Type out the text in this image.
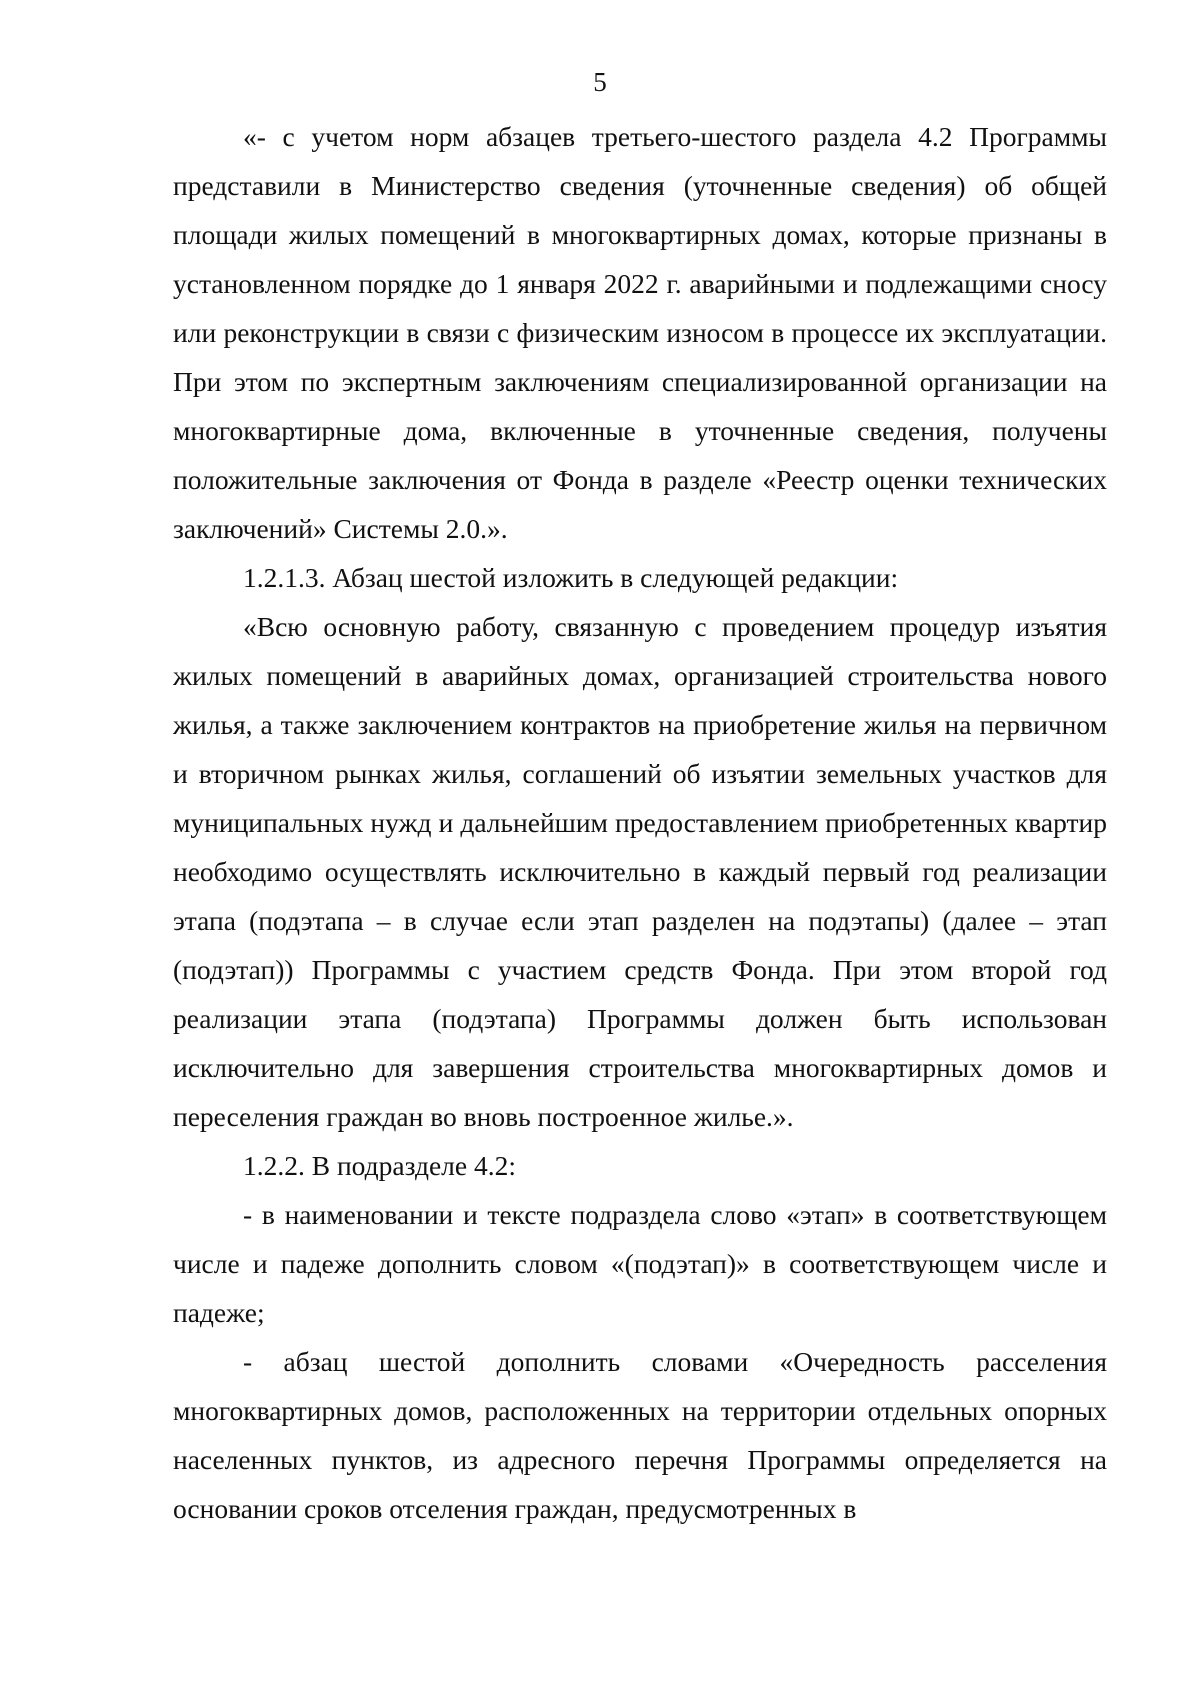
5

«- с учетом норм абзацев третьего-шестого раздела 4.2 Программы представили в Министерство сведения (уточненные сведения) об общей площади жилых помещений в многоквартирных домах, которые признаны в установленном порядке до 1 января 2022 г. аварийными и подлежащими сносу или реконструкции в связи с физическим износом в процессе их эксплуатации. При этом по экспертным заключениям специализированной организации на многоквартирные дома, включенные в уточненные сведения, получены положительные заключения от Фонда в разделе «Реестр оценки технических заключений» Системы 2.0.».

1.2.1.3. Абзац шестой изложить в следующей редакции:

«Всю основную работу, связанную с проведением процедур изъятия жилых помещений в аварийных домах, организацией строительства нового жилья, а также заключением контрактов на приобретение жилья на первичном и вторичном рынках жилья, соглашений об изъятии земельных участков для муниципальных нужд и дальнейшим предоставлением приобретенных квартир необходимо осуществлять исключительно в каждый первый год реализации этапа (подэтапа – в случае если этап разделен на подэтапы) (далее – этап (подэтап)) Программы с участием средств Фонда. При этом второй год реализации этапа (подэтапа) Программы должен быть использован исключительно для завершения строительства многоквартирных домов и переселения граждан во вновь построенное жилье.».

1.2.2. В подразделе 4.2:

- в наименовании и тексте подраздела слово «этап» в соответствующем числе и падеже дополнить словом «(подэтап)» в соответствующем числе и падеже;

- абзац шестой дополнить словами «Очередность расселения многоквартирных домов, расположенных на территории отдельных опорных населенных пунктов, из адресного перечня Программы определяется на основании сроков отселения граждан, предусмотренных в
